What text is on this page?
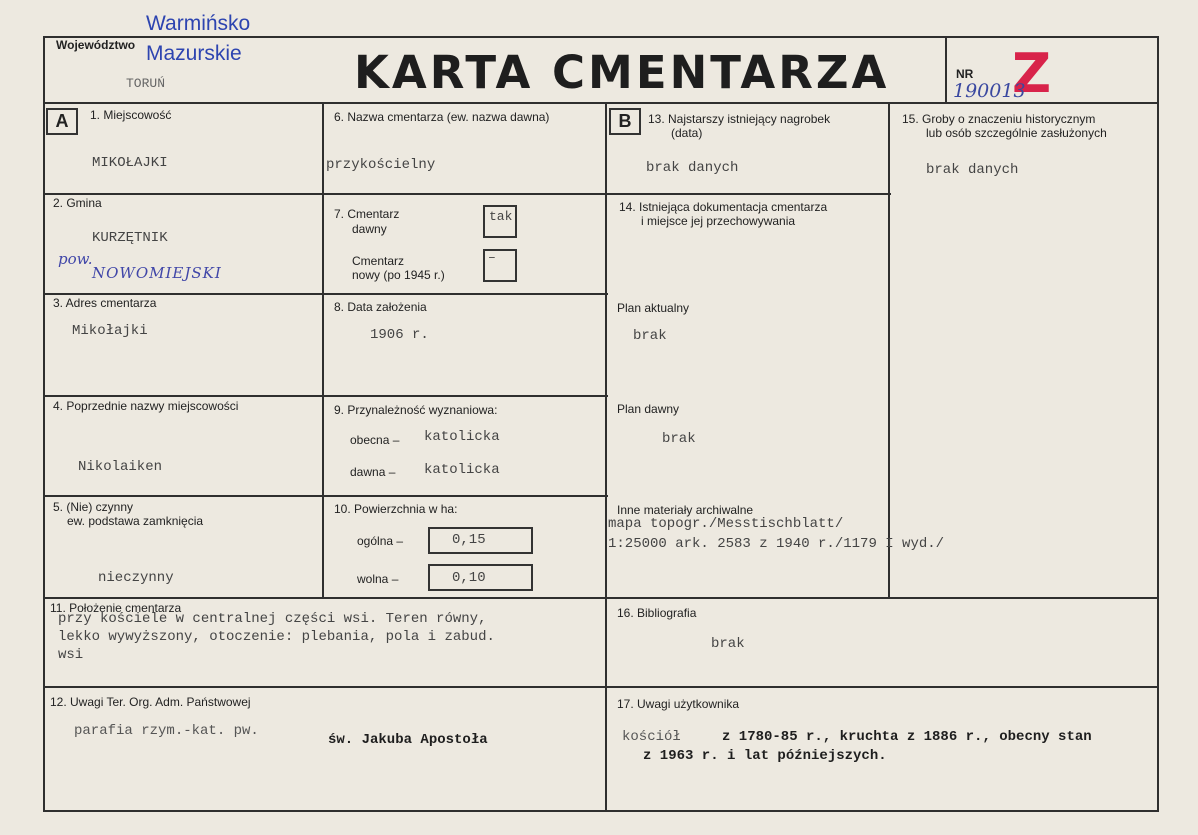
Województwo
Warmińsko
Mazurskie
TORUŃ	KARTA CMENTARZA	NR Z
190013
A	B
1. Miejscowość
MIKOŁAJKI
2. Gmina
KURZĘTNIK
pow.
NOWOMIEJSKI
3. Adres cmentarza
Mikołajki
4. Poprzednie nazwy miejscowości
Nikolaiken
5. (Nie) czynny
ew. podstawa zamknięcia
nieczynny
6. Nazwa cmentarza (ew. nazwa dawna)
przykościelny
7. Cmentarz
dawny
tak
Cmentarz
nowy (po 1945 r.)
–
8. Data założenia
1906 r.
9. Przynależność wyznaniowa:
obecna – katolicka
dawna – katolicka
10. Powierzchnia w ha:
ogólna –	0,15
wolna –	0,10
11. Położenie cmentarza
przy kościele w centralnej części wsi. Teren równy,
lekko wywyższony, otoczenie: plebania, pola i zabud.
wsi
12. Uwagi Ter. Org. Adm. Państwowej
parafia rzym.-kat. pw.
św. Jakuba Apostoła
13. Najstarszy istniejący nagrobek
(data)
brak danych
14. Istniejąca dokumentacja cmentarza
i miejsce jej przechowywania
Plan aktualny
brak
Plan dawny
brak
Inne materiały archiwalne
mapa topogr./Messtischblatt/
1:25000 ark. 2583 z 1940 r./1179 I wyd./
15. Groby o znaczeniu historycznym
lub osób szczególnie zasłużonych
brak danych
16. Bibliografia
brak
17. Uwagi użytkownika
kościół	z 1780-85 r., kruchta z 1886 r., obecny stan
z 1963 r. i lat późniejszych.
